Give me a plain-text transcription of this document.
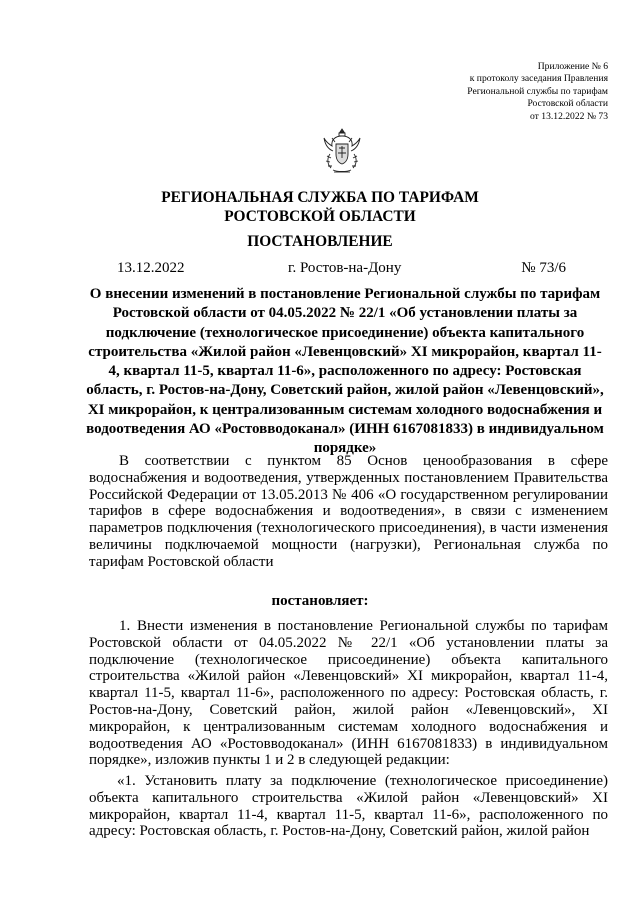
Приложение № 6
к протоколу заседания Правления
Региональной службы по тарифам
Ростовской области
от 13.12.2022 № 73
РЕГИОНАЛЬНАЯ СЛУЖБА ПО ТАРИФАМ
РОСТОВСКОЙ ОБЛАСТИ
ПОСТАНОВЛЕНИЕ
13.12.2022	г. Ростов-на-Дону	№ 73/6
О внесении изменений в постановление Региональной службы по тарифам Ростовской области от 04.05.2022 № 22/1 «Об установлении платы за подключение (технологическое присоединение) объекта капитального строительства «Жилой район «Левенцовский» XI микрорайон, квартал 11-4, квартал 11-5, квартал 11-6», расположенного по адресу: Ростовская область, г. Ростов-на-Дону, Советский район, жилой район «Левенцовский», XI микрорайон, к централизованным системам холодного водоснабжения и водоотведения АО «Ростовводоканал» (ИНН 6167081833) в индивидуальном порядке»
В соответствии с пунктом 85 Основ ценообразования в сфере водоснабжения и водоотведения, утвержденных постановлением Правительства Российской Федерации от 13.05.2013 № 406 «О государственном регулировании тарифов в сфере водоснабжения и водоотведения», в связи с изменением параметров подключения (технологического присоединения), в части изменения величины подключаемой мощности (нагрузки), Региональная служба по тарифам Ростовской области
постановляет:
1. Внести изменения в постановление Региональной службы по тарифам Ростовской области от 04.05.2022 № 22/1 «Об установлении платы за подключение (технологическое присоединение) объекта капитального строительства «Жилой район «Левенцовский» XI микрорайон, квартал 11-4, квартал 11-5, квартал 11-6», расположенного по адресу: Ростовская область, г. Ростов-на-Дону, Советский район, жилой район «Левенцовский», XI микрорайон, к централизованным системам холодного водоснабжения и водоотведения АО «Ростовводоканал» (ИНН 6167081833) в индивидуальном порядке», изложив пункты 1 и 2 в следующей редакции:
«1. Установить плату за подключение (технологическое присоединение) объекта капитального строительства «Жилой район «Левенцовский» XI микрорайон, квартал 11-4, квартал 11-5, квартал 11-6», расположенного по адресу: Ростовская область, г. Ростов-на-Дону, Советский район, жилой район
